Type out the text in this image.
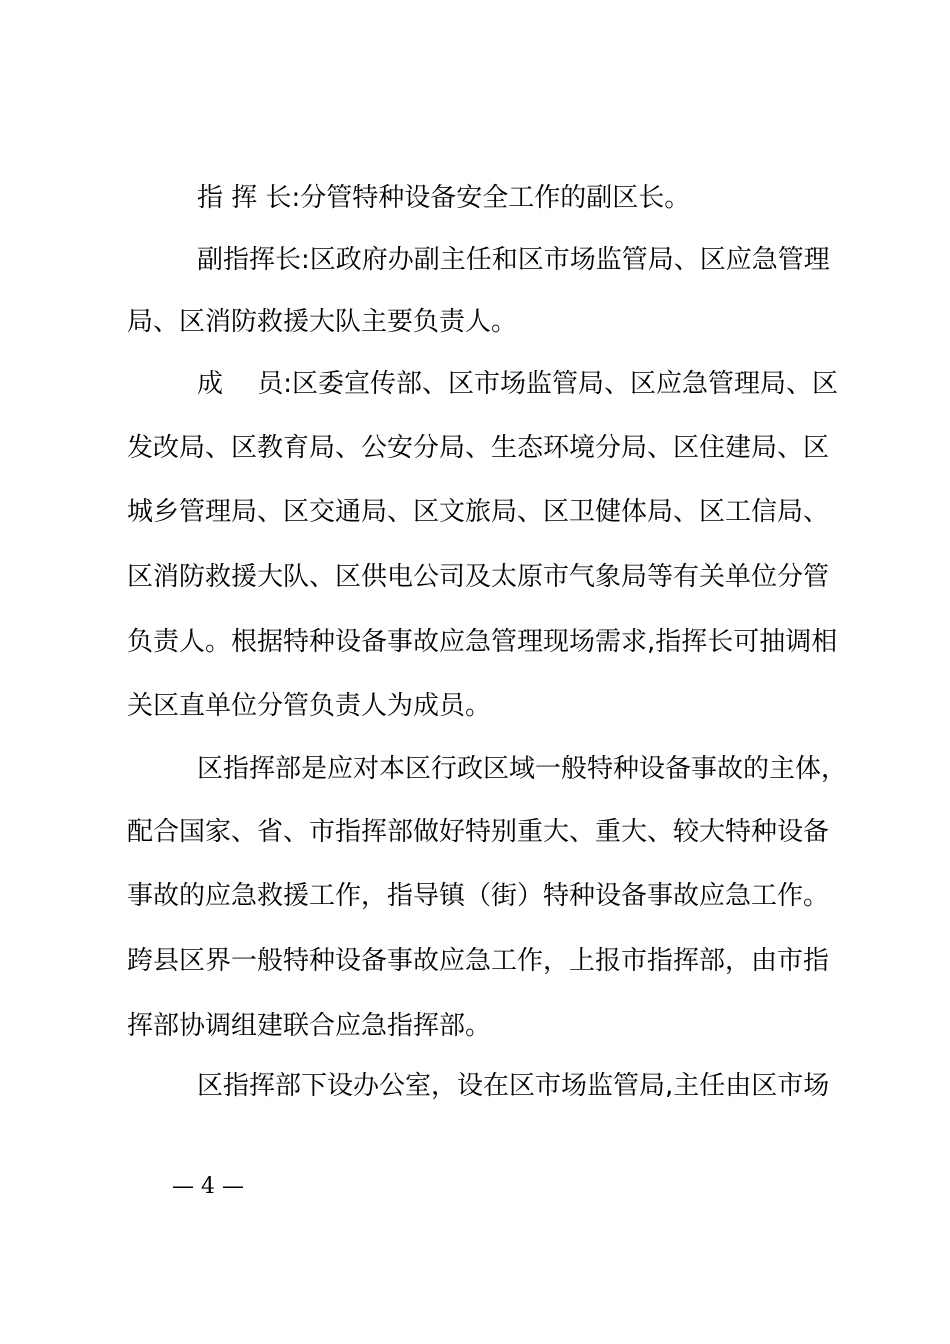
指 挥 长:分管特种设备安全工作的副区长。
副指挥长:区政府办副主任和区市场监管局、区应急管理
局、区消防救援大队主要负责人。
成　 员:区委宣传部、区市场监管局、区应急管理局、区
发改局、区教育局、公安分局、生态环境分局、区住建局、区
城乡管理局、区交通局、区文旅局、区卫健体局、区工信局、
区消防救援大队、区供电公司及太原市气象局等有关单位分管
负责人。根据特种设备事故应急管理现场需求,指挥长可抽调相
关区直单位分管负责人为成员。
区指挥部是应对本区行政区域一般特种设备事故的主体，
配合国家、省、市指挥部做好特别重大、重大、较大特种设备
事故的应急救援工作，指导镇（街）特种设备事故应急工作。
跨县区界一般特种设备事故应急工作，上报市指挥部，由市指
挥部协调组建联合应急指挥部。
区指挥部下设办公室，设在区市场监管局,主任由区市场
— 4 —
